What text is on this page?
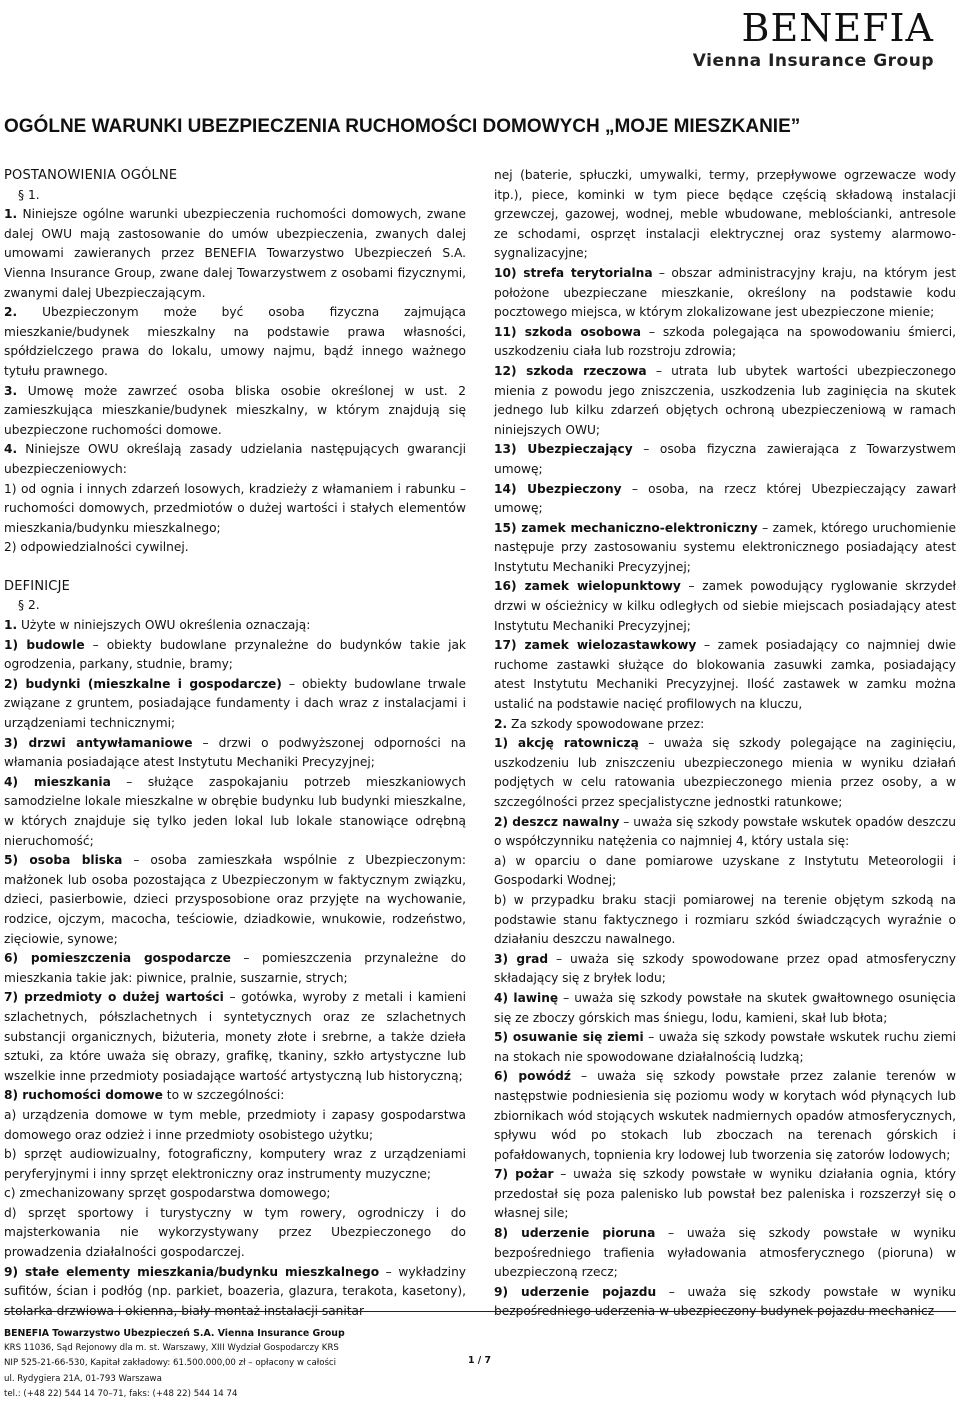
BENEFIA
Vienna Insurance Group
OGÓLNE WARUNKI UBEZPIECZENIA RUCHOMOŚCI DOMOWYCH „MOJE MIESZKANIE”

POSTANOWIENIA OGÓLNE

§ 1.

1. Niniejsze ogólne warunki ubezpieczenia ruchomości domowych, zwane dalej OWU mają zastosowanie do umów ubezpieczenia, zwanych dalej umowami zawieranych przez BENEFIA Towarzystwo Ubezpieczeń S.A. Vienna Insurance Group, zwane dalej Towarzystwem z osobami fizycznymi, zwanymi dalej Ubezpieczającym.

2. Ubezpieczonym może być osoba fizyczna zajmująca mieszkanie/budynek mieszkalny na podstawie prawa własności, spółdzielczego prawa do lokalu, umowy najmu, bądź innego ważnego tytułu prawnego.

3. Umowę może zawrzeć osoba bliska osobie określonej w ust. 2 zamieszkująca mieszkanie/budynek mieszkalny, w którym znajdują się ubezpieczone ruchomości domowe.

4. Niniejsze OWU określają zasady udzielania następujących gwarancji ubezpieczeniowych:

1) od ognia i innych zdarzeń losowych, kradzieży z włamaniem i rabunku – ruchomości domowych, przedmiotów o dużej wartości i stałych elementów mieszkania/budynku mieszkalnego;

2) odpowiedzialności cywilnej.

DEFINICJE

§ 2.

1. Użyte w niniejszych OWU określenia oznaczają:

1) budowle – obiekty budowlane przynależne do budynków takie jak ogrodzenia, parkany, studnie, bramy;

2) budynki (mieszkalne i gospodarcze) – obiekty budowlane trwale związane z gruntem, posiadające fundamenty i dach wraz z instalacjami i urządzeniami technicznymi;

3) drzwi antywłamaniowe – drzwi o podwyższonej odporności na włamania posiadające atest Instytutu Mechaniki Precyzyjnej;

4) mieszkania – służące zaspokajaniu potrzeb mieszkaniowych samodzielne lokale mieszkalne w obrębie budynku lub budynki mieszkalne, w których znajduje się tylko jeden lokal lub lokale stanowiące odrębną nieruchomość;

5) osoba bliska – osoba zamieszkała wspólnie z Ubezpieczonym: małżonek lub osoba pozostająca z Ubezpieczonym w faktycznym związku, dzieci, pasierbowie, dzieci przysposobione oraz przyjęte na wychowanie, rodzice, ojczym, macocha, teściowie, dziadkowie, wnukowie, rodzeństwo, zięciowie, synowe;

6) pomieszczenia gospodarcze – pomieszczenia przynależne do mieszkania takie jak: piwnice, pralnie, suszarnie, strych;

7) przedmioty o dużej wartości – gotówka, wyroby z metali i kamieni szlachetnych, półszlachetnych i syntetycznych oraz ze szlachetnych substancji organicznych, biżuteria, monety złote i srebrne, a także dzieła sztuki, za które uważa się obrazy, grafikę, tkaniny, szkło artystyczne lub wszelkie inne przedmioty posiadające wartość artystyczną lub historyczną;

8) ruchomości domowe to w szczególności:

a) urządzenia domowe w tym meble, przedmioty i zapasy gospodarstwa domowego oraz odzież i inne przedmioty osobistego użytku;

b) sprzęt audiowizualny, fotograficzny, komputery wraz z urządzeniami peryferyjnymi i inny sprzęt elektroniczny oraz instrumenty muzyczne;

c) zmechanizowany sprzęt gospodarstwa domowego;

d) sprzęt sportowy i turystyczny w tym rowery, ogrodniczy i do majsterkowania nie wykorzystywany przez Ubezpieczonego do prowadzenia działalności gospodarczej.

9) stałe elementy mieszkania/budynku mieszkalnego – wykładziny sufitów, ścian i podłóg (np. parkiet, boazeria, glazura, terakota, kasetony), stolarka drzwiowa i okienna, biały montaż instalacji sanitar-

nej (baterie, spłuczki, umywalki, termy, przepływowe ogrzewacze wody itp.), piece, kominki w tym piece będące częścią składową instalacji grzewczej, gazowej, wodnej, meble wbudowane, meblościanki, antresole ze schodami, osprzęt instalacji elektrycznej oraz systemy alarmowo-sygnalizacyjne;

10) strefa terytorialna – obszar administracyjny kraju, na którym jest położone ubezpieczane mieszkanie, określony na podstawie kodu pocztowego miejsca, w którym zlokalizowane jest ubezpieczone mienie;

11) szkoda osobowa – szkoda polegająca na spowodowaniu śmierci, uszkodzeniu ciała lub rozstroju zdrowia;

12) szkoda rzeczowa – utrata lub ubytek wartości ubezpieczonego mienia z powodu jego zniszczenia, uszkodzenia lub zaginięcia na skutek jednego lub kilku zdarzeń objętych ochroną ubezpieczeniową w ramach niniejszych OWU;

13) Ubezpieczający – osoba fizyczna zawierająca z Towarzystwem umowę;

14) Ubezpieczony – osoba, na rzecz której Ubezpieczający zawarł umowę;

15) zamek mechaniczno-elektroniczny – zamek, którego uruchomienie następuje przy zastosowaniu systemu elektronicznego posiadający atest Instytutu Mechaniki Precyzyjnej;

16) zamek wielopunktowy – zamek powodujący ryglowanie skrzydeł drzwi w ościeżnicy w kilku odległych od siebie miejscach posiadający atest Instytutu Mechaniki Precyzyjnej;

17) zamek wielozastawkowy – zamek posiadający co najmniej dwie ruchome zastawki służące do blokowania zasuwki zamka, posiadający atest Instytutu Mechaniki Precyzyjnej. Ilość zastawek w zamku można ustalić na podstawie nacięć profilowych na kluczu,

2. Za szkody spowodowane przez:

1) akcję ratowniczą – uważa się szkody polegające na zaginięciu, uszkodzeniu lub zniszczeniu ubezpieczonego mienia w wyniku działań podjętych w celu ratowania ubezpieczonego mienia przez osoby, a w szczególności przez specjalistyczne jednostki ratunkowe;

2) deszcz nawalny – uważa się szkody powstałe wskutek opadów deszczu o współczynniku natężenia co najmniej 4, który ustala się:

a) w oparciu o dane pomiarowe uzyskane z Instytutu Meteorologii i Gospodarki Wodnej;

b) w przypadku braku stacji pomiarowej na terenie objętym szkodą na podstawie stanu faktycznego i rozmiaru szkód świadczących wyraźnie o działaniu deszczu nawalnego.

3) grad – uważa się szkody spowodowane przez opad atmosferyczny składający się z bryłek lodu;

4) lawinę – uważa się szkody powstałe na skutek gwałtownego osunięcia się ze zboczy górskich mas śniegu, lodu, kamieni, skał lub błota;

5) osuwanie się ziemi – uważa się szkody powstałe wskutek ruchu ziemi na stokach nie spowodowane działalnością ludzką;

6) powódź – uważa się szkody powstałe przez zalanie terenów w następstwie podniesienia się poziomu wody w korytach wód płynących lub zbiornikach wód stojących wskutek nadmiernych opadów atmosferycznych, spływu wód po stokach lub zboczach na terenach górskich i pofałdowanych, topnienia kry lodowej lub tworzenia się zatorów lodowych;

7) pożar – uważa się szkody powstałe w wyniku działania ognia, który przedostał się poza palenisko lub powstał bez paleniska i rozszerzył się o własnej sile;

8) uderzenie pioruna – uważa się szkody powstałe w wyniku bezpośredniego trafienia wyładowania atmosferycznego (pioruna) w ubezpieczoną rzecz;

9) uderzenie pojazdu – uważa się szkody powstałe w wyniku bezpośredniego uderzenia w ubezpieczony budynek pojazdu mechanicz-

BENEFIA Towarzystwo Ubezpieczeń S.A. Vienna Insurance Group
KRS 11036, Sąd Rejonowy dla m. st. Warszawy, XIII Wydział Gospodarczy KRS
NIP 525-21-66-530, Kapitał zakładowy: 61.500.000,00 zł – opłacony w całości
ul. Rydygiera 21A, 01-793 Warszawa
tel.: (+48 22) 544 14 70–71, faks: (+48 22) 544 14 74
1 / 7
